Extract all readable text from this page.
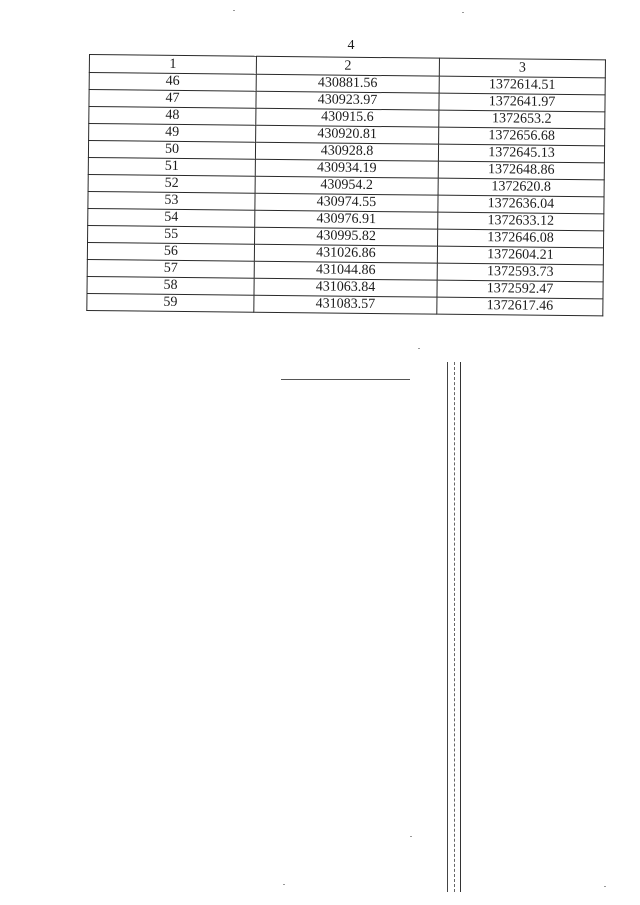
4
1	2	3
46	430881.56	1372614.51
47	430923.97	1372641.97
48	430915.6	1372653.2
49	430920.81	1372656.68
50	430928.8	1372645.13
51	430934.19	1372648.86
52	430954.2	1372620.8
53	430974.55	1372636.04
54	430976.91	1372633.12
55	430995.82	1372646.08
56	431026.86	1372604.21
57	431044.86	1372593.73
58	431063.84	1372592.47
59	431083.57	1372617.46
